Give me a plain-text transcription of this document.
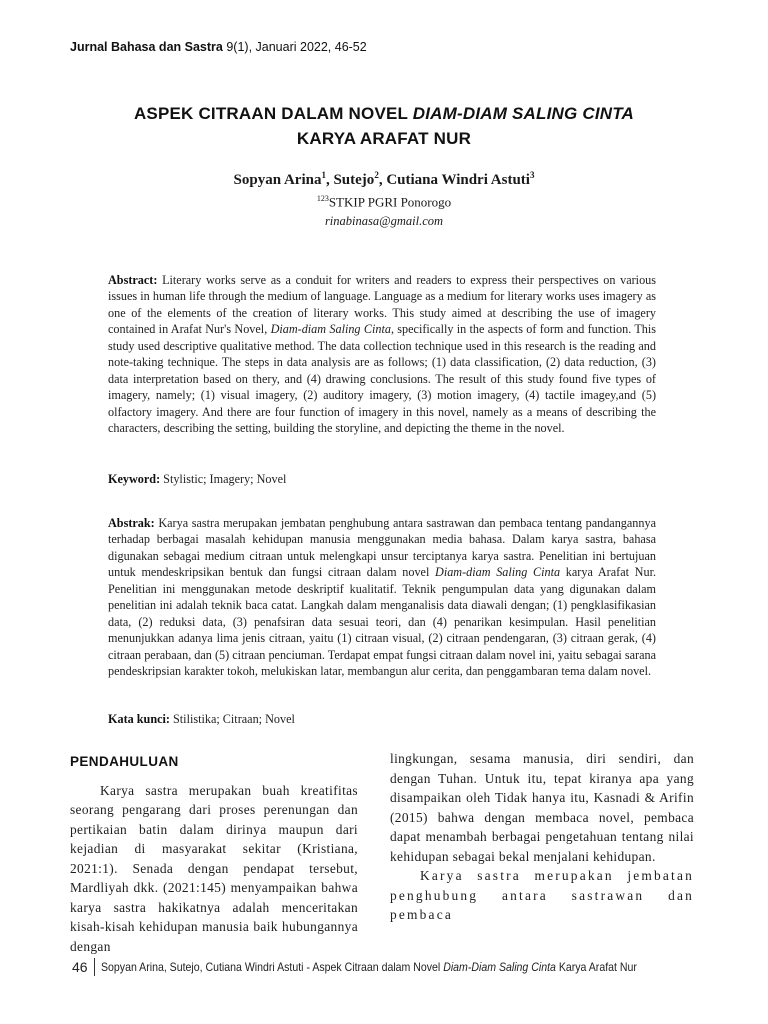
Jurnal Bahasa dan Sastra 9(1), Januari 2022, 46-52
ASPEK CITRAAN DALAM NOVEL DIAM-DIAM SALING CINTA
KARYA ARAFAT NUR
Sopyan Arina$^1$, Sutejo$^2$, Cutiana Windri Astuti$^3$
$^{123}$STKIP PGRI Ponorogo
rinabinasa@gmail.com
Abstract: Literary works serve as a conduit for writers and readers to express their perspectives on various issues in human life through the medium of language. Language as a medium for literary works uses imagery as one of the elements of the creation of literary works. This study aimed at describing the use of imagery contained in Arafat Nur's Novel, Diam-diam Saling Cinta, specifically in the aspects of form and function. This study used descriptive qualitative method. The data collection technique used in this research is the reading and note-taking technique. The steps in data analysis are as follows; (1) data classification, (2) data reduction, (3) data interpretation based on thery, and (4) drawing conclusions. The result of this study found five types of imagery, namely; (1) visual imagery, (2) auditory imagery, (3) motion imagery, (4) tactile imagey,and (5) olfactory imagery. And there are four function of imagery in this novel, namely as a means of describing the characters, describing the setting, building the storyline, and depicting the theme in the novel.
Keyword: Stylistic; Imagery; Novel
Abstrak: Karya sastra merupakan jembatan penghubung antara sastrawan dan pembaca tentang pandangannya terhadap berbagai masalah kehidupan manusia menggunakan media bahasa. Dalam karya sastra, bahasa digunakan sebagai medium citraan untuk melengkapi unsur terciptanya karya sastra. Penelitian ini bertujuan untuk mendeskripsikan bentuk dan fungsi citraan dalam novel Diam-diam Saling Cinta karya Arafat Nur. Penelitian ini menggunakan metode deskriptif kualitatif. Teknik pengumpulan data yang digunakan dalam penelitian ini adalah teknik baca catat. Langkah dalam menganalisis data diawali dengan; (1) pengklasifikasian data, (2) reduksi data, (3) penafsiran data sesuai teori, dan (4) penarikan kesimpulan. Hasil penelitian menunjukkan adanya lima jenis citraan, yaitu (1) citraan visual, (2) citraan pendengaran, (3) citraan gerak, (4) citraan perabaan, dan (5) citraan penciuman. Terdapat empat fungsi citraan dalam novel ini, yaitu sebagai sarana pendeskripsian karakter tokoh, melukiskan latar, membangun alur cerita, dan penggambaran tema dalam novel.
Kata kunci: Stilistika; Citraan; Novel
PENDAHULUAN

Karya sastra merupakan buah kreatifitas seorang pengarang dari proses perenungan dan pertikaian batin dalam dirinya maupun dari kejadian di masyarakat sekitar (Kristiana, 2021:1). Senada dengan pendapat tersebut, Mardliyah dkk. (2021:145) menyampaikan bahwa karya sastra hakikatnya adalah menceritakan kisah-kisah kehidupan manusia baik hubungannya dengan

lingkungan, sesama manusia, diri sendiri, dan dengan Tuhan. Untuk itu, tepat kiranya apa yang disampaikan oleh Tidak hanya itu, Kasnadi & Arifin (2015) bahwa dengan membaca novel, pembaca dapat menambah berbagai pengetahuan tentang nilai kehidupan sebagai bekal menjalani kehidupan.

Karya sastra merupakan jembatan penghubung antara sastrawan dan pembaca

46 Sopyan Arina, Sutejo, Cutiana Windri Astuti - Aspek Citraan dalam Novel Diam-Diam Saling Cinta Karya Arafat Nur
